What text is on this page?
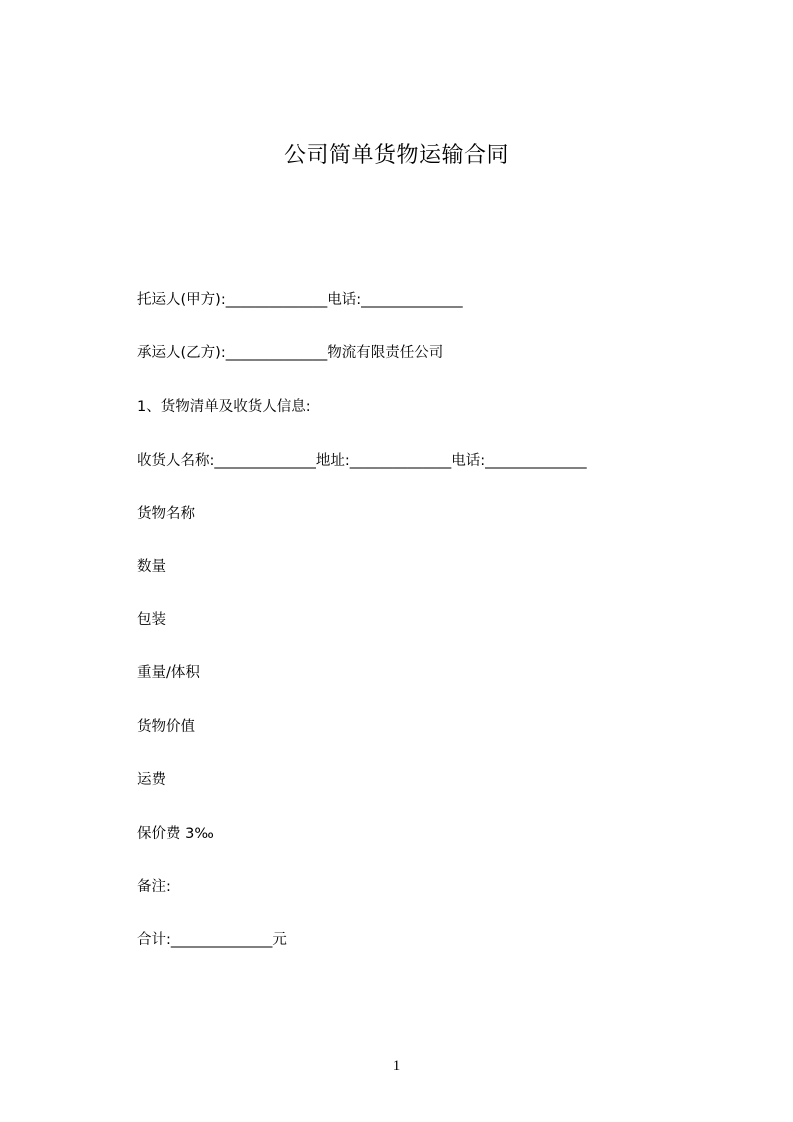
公司简单货物运输合同
托运人(甲方):______________电话:______________
承运人(乙方):______________物流有限责任公司
1、货物清单及收货人信息:
收货人名称:______________地址:______________电话:______________
货物名称
数量
包装
重量/体积
货物价值
运费
保价费 3‰
备注:
合计:______________元
1
